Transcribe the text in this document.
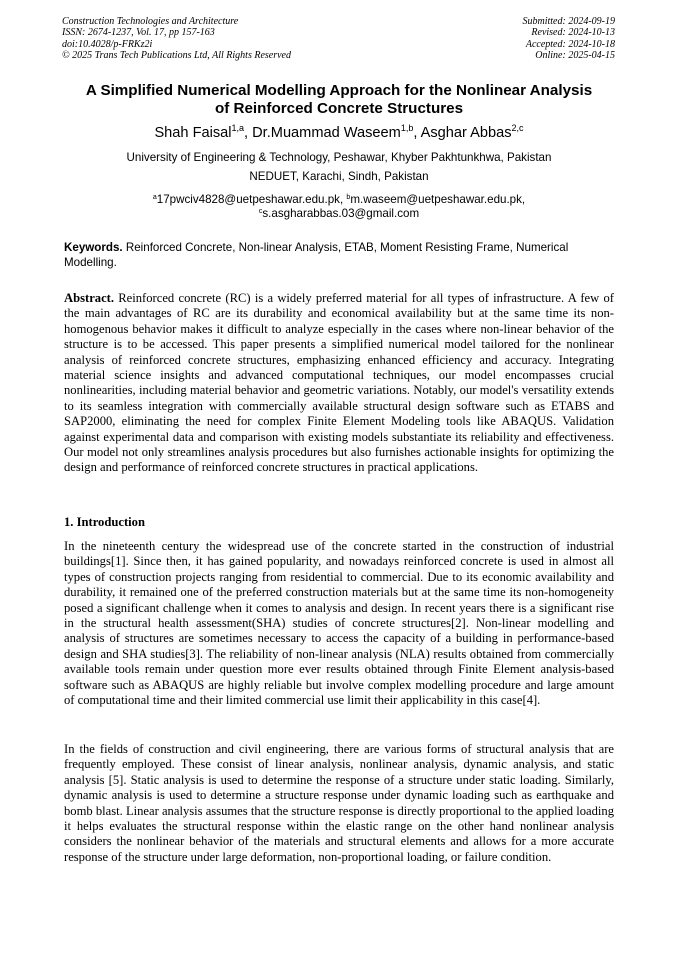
Construction Technologies and Architecture
ISSN: 2674-1237, Vol. 17, pp 157-163
doi:10.4028/p-FRKz2i
© 2025 Trans Tech Publications Ltd, All Rights Reserved
Submitted: 2024-09-19
Revised: 2024-10-13
Accepted: 2024-10-18
Online: 2025-04-15
A Simplified Numerical Modelling Approach for the Nonlinear Analysis
of Reinforced Concrete Structures
Shah Faisal$^{1,a}$, Dr.Muammad Waseem$^{1,b}$, Asghar Abbas$^{2,c}$
University of Engineering & Technology, Peshawar, Khyber Pakhtunkhwa, Pakistan
NEDUET, Karachi, Sindh, Pakistan
$^a$17pwciv4828@uetpeshawar.edu.pk, $^b$m.waseem@uetpeshawar.edu.pk,
$^c$s.asgharabbas.03@gmail.com
Keywords. Reinforced Concrete, Non-linear Analysis, ETAB, Moment Resisting Frame, Numerical Modelling.
Abstract. Reinforced concrete (RC) is a widely preferred material for all types of infrastructure. A few of the main advantages of RC are its durability and economical availability but at the same time its non-homogenous behavior makes it difficult to analyze especially in the cases where non-linear behavior of the structure is to be accessed. This paper presents a simplified numerical model tailored for the nonlinear analysis of reinforced concrete structures, emphasizing enhanced efficiency and accuracy. Integrating material science insights and advanced computational techniques, our model encompasses crucial nonlinearities, including material behavior and geometric variations. Notably, our model's versatility extends to its seamless integration with commercially available structural design software such as ETABS and SAP2000, eliminating the need for complex Finite Element Modeling tools like ABAQUS. Validation against experimental data and comparison with existing models substantiate its reliability and effectiveness. Our model not only streamlines analysis procedures but also furnishes actionable insights for optimizing the design and performance of reinforced concrete structures in practical applications.
1. Introduction
In the nineteenth century the widespread use of the concrete started in the construction of industrial buildings[1]. Since then, it has gained popularity, and nowadays reinforced concrete is used in almost all types of construction projects ranging from residential to commercial. Due to its economic availability and durability, it remained one of the preferred construction materials but at the same time its non-homogeneity posed a significant challenge when it comes to analysis and design. In recent years there is a significant rise in the structural health assessment(SHA) studies of concrete structures[2]. Non-linear modelling and analysis of structures are sometimes necessary to access the capacity of a building in performance-based design and SHA studies[3]. The reliability of non-linear analysis (NLA) results obtained from commercially available tools remain under question more ever results obtained through Finite Element analysis-based software such as ABAQUS are highly reliable but involve complex modelling procedure and large amount of computational time and their limited commercial use limit their applicability in this case[4].
In the fields of construction and civil engineering, there are various forms of structural analysis that are frequently employed. These consist of linear analysis, nonlinear analysis, dynamic analysis, and static analysis [5]. Static analysis is used to determine the response of a structure under static loading. Similarly, dynamic analysis is used to determine a structure response under dynamic loading such as earthquake and bomb blast. Linear analysis assumes that the structure response is directly proportional to the applied loading it helps evaluates the structural response within the elastic range on the other hand nonlinear analysis considers the nonlinear behavior of the materials and structural elements and allows for a more accurate response of the structure under large deformation, non-proportional loading, or failure condition.
